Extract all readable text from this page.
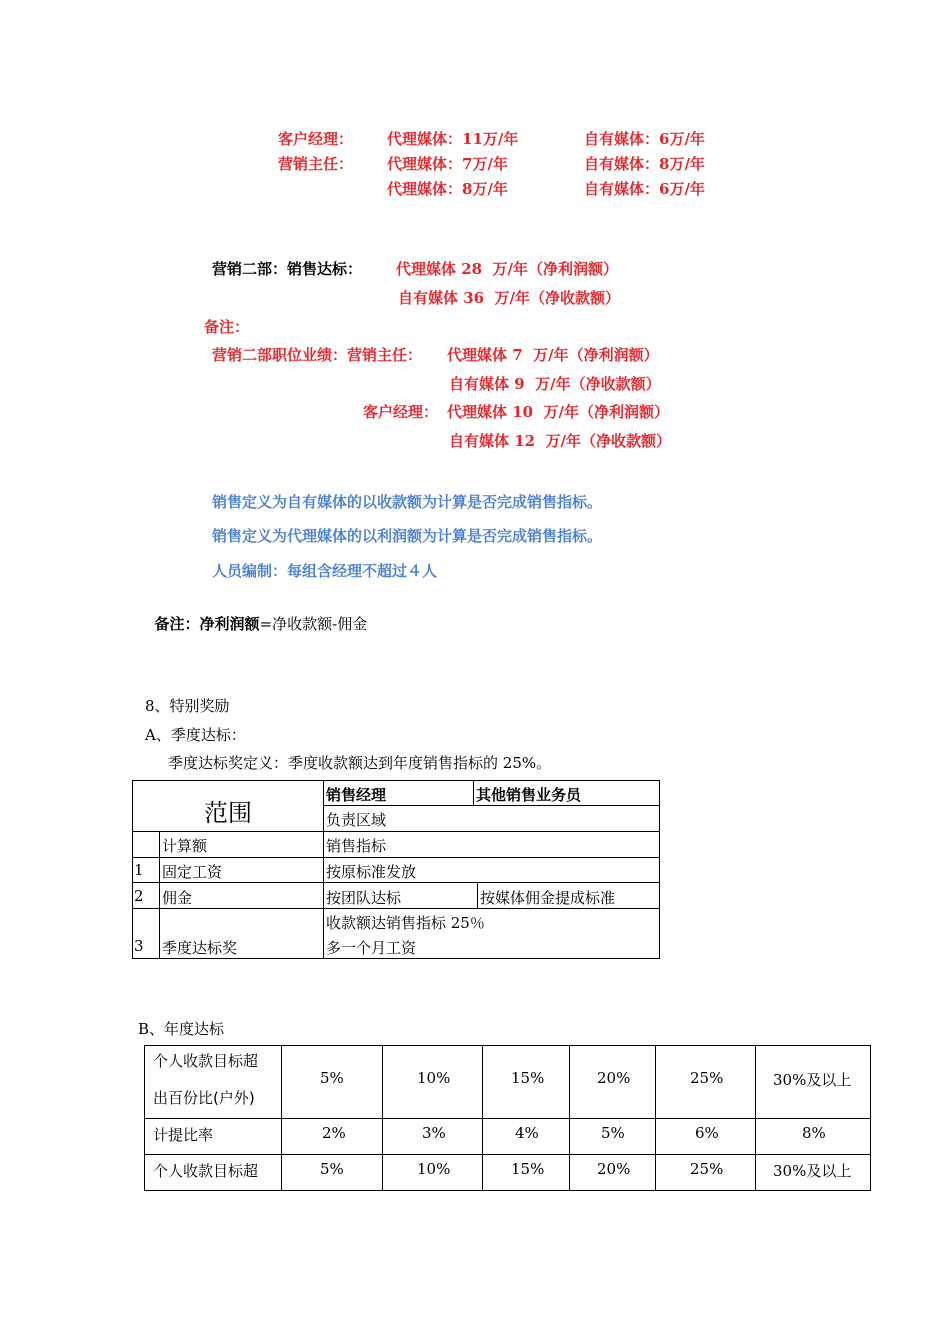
客户经理： 代理媒体：11万/年	自有媒体：6万/年
营销主任： 代理媒体：7万/年	自有媒体：8万/年
代理媒体：8万/年	自有媒体：6万/年
营销二部：销售达标： 代理媒体 28  万/年（净利润额）
自有媒体 36  万/年（净收款额）
备注：
营销二部职位业绩：营销主任： 代理媒体 7  万/年（净利润额）
自有媒体 9  万/年（净收款额）
客户经理： 代理媒体 10  万/年（净利润额）
自有媒体 12  万/年（净收款额）
销售定义为自有媒体的以收款额为计算是否完成销售指标。
销售定义为代理媒体的以利润额为计算是否完成销售指标。
人员编制：每组含经理不超过４人

备注：净利润额=净收款额-佣金

8、特别奖励
A、季度达标：
季度达标奖定义：季度收款额达到年度销售指标的 25%。
范围
销售经理	其他销售业务员
负责区域
计算额	销售指标
1 固定工资	按原标准发放
2 佣金	按团队达标	按媒体佣金提成标准
收款额达销售指标 25％
3 季度达标奖	多一个月工资
B、年度达标
个人收款目标超
出百份比(户外)
5%	10%	15%	20%	25%	30%及以上
计提比率	2%	3%	4%	5%	6%	8%
个人收款目标超	5%	10%	15%	20%	25%	30%及以上
